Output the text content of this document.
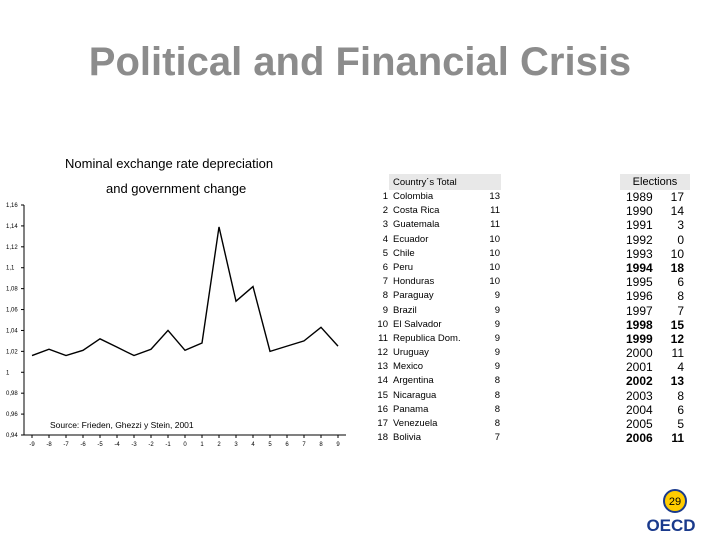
Political and Financial Crisis
Nominal exchange rate depreciation
and government change
0,94
0,96
0,98
1
1,02
1,04
1,06
1,08
1,1
1,12
1,14
1,16
-9 -8 -7 -6 -5 -4 -3 -2 -1 0 1 2 3 4 5 6 7 8 9
Source: Frieden, Ghezzi y Stein, 2001
Country´s Total
1 Colombia	13
2 Costa Rica	11
3 Guatemala	11
4 Ecuador	10
5 Chile	10
6 Peru	10
7 Honduras	10
8 Paraguay	9
9 Brazil	9
10 El Salvador	9
11 Republica Dom.	9
12 Uruguay	9
13 Mexico	9
14 Argentina	8
15 Nicaragua	8
16 Panama	8
17 Venezuela	8
18 Bolivia	7
Elections
1989	17
1990	14
1991	3
1992	0
1993	10
1994	18
1995	6
1996	8
1997	7
1998	15
1999	12
2000	11
2001	4
2002	13
2003	8
2004	6
2005	5
2006	11
29
OECD
